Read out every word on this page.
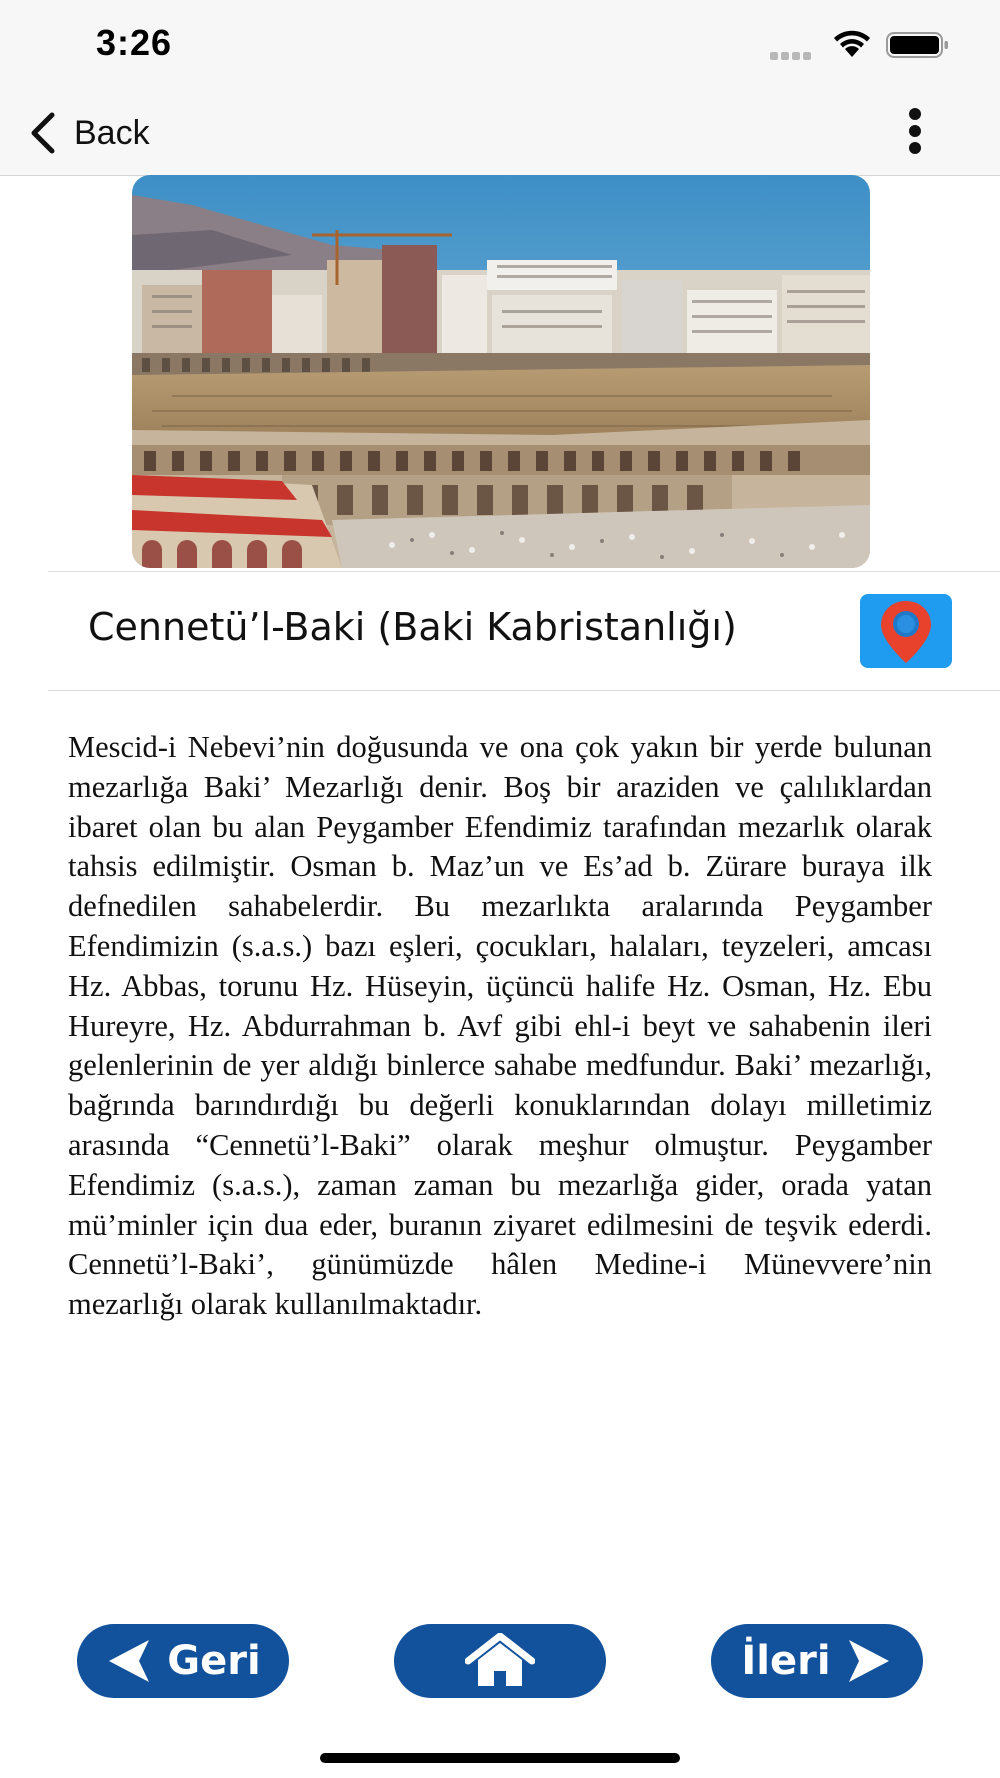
3:26
Back
Cennetü’l-Baki (Baki Kabristanlığı)

Mescid-i Nebevi’nin doğusunda ve ona çok yakın bir yerde bulunan mezarlığa Baki’ Mezarlığı denir. Boş bir araziden ve çalılıklardan ibaret olan bu alan Peygamber Efendimiz tarafından mezarlık olarak tahsis edilmiştir. Osman b. Maz’un ve Es’ad b. Zürare buraya ilk defnedilen sahabelerdir. Bu mezarlıkta aralarında Peygamber Efendimizin (s.a.s.) bazı eşleri, çocukları, halaları, teyzeleri, amcası Hz. Abbas, torunu Hz. Hüseyin, üçüncü halife Hz. Osman, Hz. Ebu Hureyre, Hz. Abdurrahman b. Avf gibi ehl-i beyt ve sahabenin ileri gelenlerinin de yer aldığı binlerce sahabe medfundur. Baki’ mezarlığı, bağrında barındırdığı bu değerli konuklarından dolayı milletimiz arasında “Cennetü’l-Baki” olarak meşhur olmuştur. Peygamber Efendimiz (s.a.s.), zaman zaman bu mezarlığa gider, orada yatan mü’minler için dua eder, buranın ziyaret edilmesini de teşvik ederdi. Cennetü’l-Baki’, günümüzde hâlen Medine-i Münevvere’nin mezarlığı olarak kullanılmaktadır.

Geri	İleri
